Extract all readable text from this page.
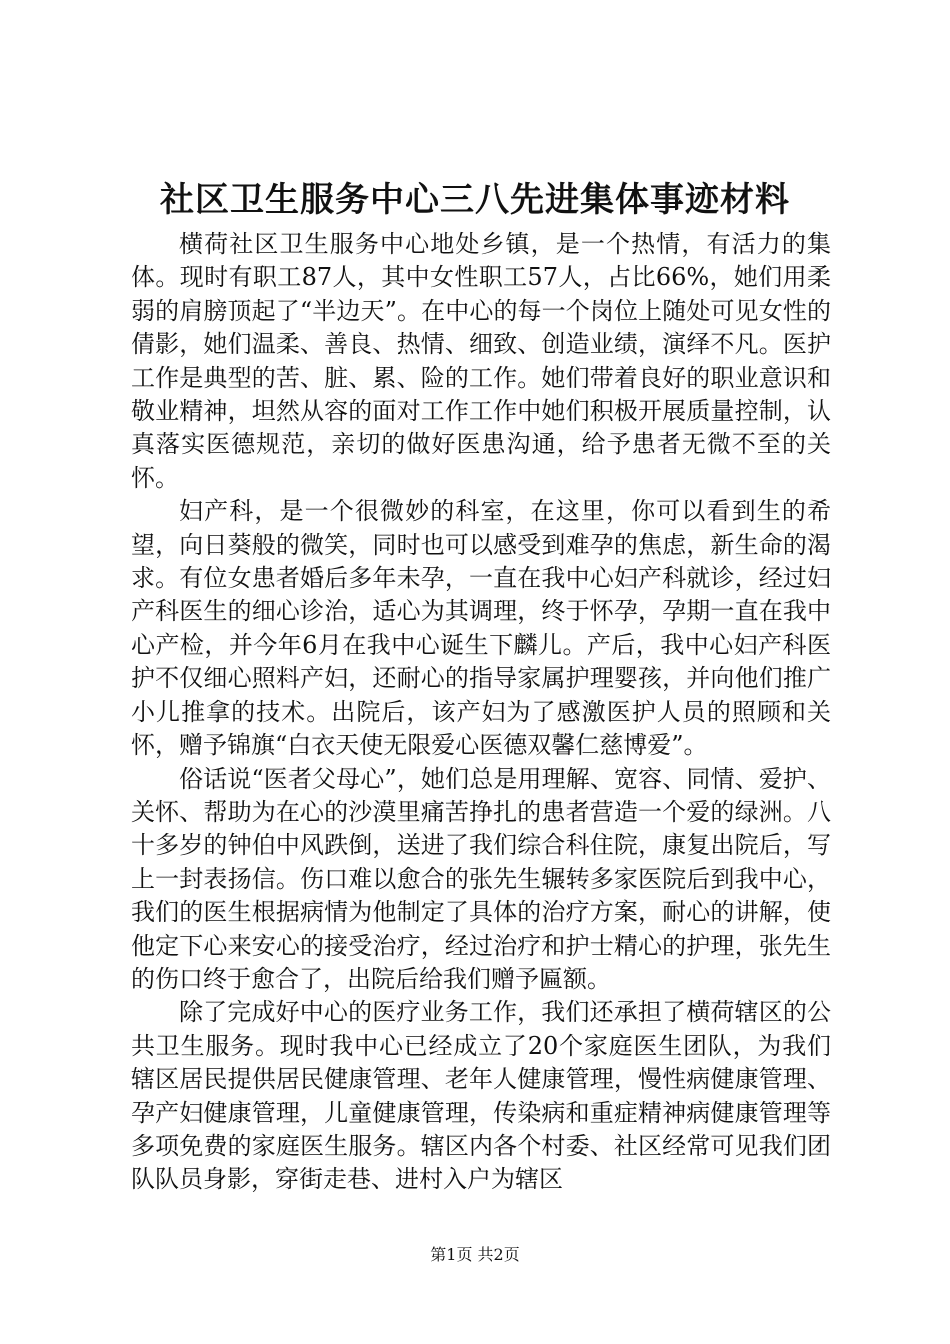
社区卫生服务中心三八先进集体事迹材料

横荷社区卫生服务中心地处乡镇，是一个热情，有活力的集体。现时有职工87人，其中女性职工57人，占比66%，她们用柔弱的肩膀顶起了“半边天”。在中心的每一个岗位上随处可见女性的倩影，她们温柔、善良、热情、细致、创造业绩，演绎不凡。医护工作是典型的苦、脏、累、险的工作。她们带着良好的职业意识和敬业精神，坦然从容的面对工作工作中她们积极开展质量控制，认真落实医德规范，亲切的做好医患沟通，给予患者无微不至的关怀。

妇产科，是一个很微妙的科室，在这里，你可以看到生的希望，向日葵般的微笑，同时也可以感受到难孕的焦虑，新生命的渴求。有位女患者婚后多年未孕，一直在我中心妇产科就诊，经过妇产科医生的细心诊治，适心为其调理，终于怀孕，孕期一直在我中心产检，并今年6月在我中心诞生下麟儿。产后，我中心妇产科医护不仅细心照料产妇，还耐心的指导家属护理婴孩，并向他们推广小儿推拿的技术。出院后，该产妇为了感激医护人员的照顾和关怀，赠予锦旗“白衣天使无限爱心医德双馨仁慈博爱”。

俗话说“医者父母心”，她们总是用理解、宽容、同情、爱护、关怀、帮助为在心的沙漠里痛苦挣扎的患者营造一个爱的绿洲。八十多岁的钟伯中风跌倒，送进了我们综合科住院，康复出院后，写上一封表扬信。伤口难以愈合的张先生辗转多家医院后到我中心，我们的医生根据病情为他制定了具体的治疗方案，耐心的讲解，使他定下心来安心的接受治疗，经过治疗和护士精心的护理，张先生的伤口终于愈合了，出院后给我们赠予匾额。

除了完成好中心的医疗业务工作，我们还承担了横荷辖区的公共卫生服务。现时我中心已经成立了20个家庭医生团队，为我们辖区居民提供居民健康管理、老年人健康管理，慢性病健康管理、孕产妇健康管理，儿童健康管理，传染病和重症精神病健康管理等多项免费的家庭医生服务。辖区内各个村委、社区经常可见我们团队队员身影，穿街走巷、进村入户为辖区

第1页 共2页
